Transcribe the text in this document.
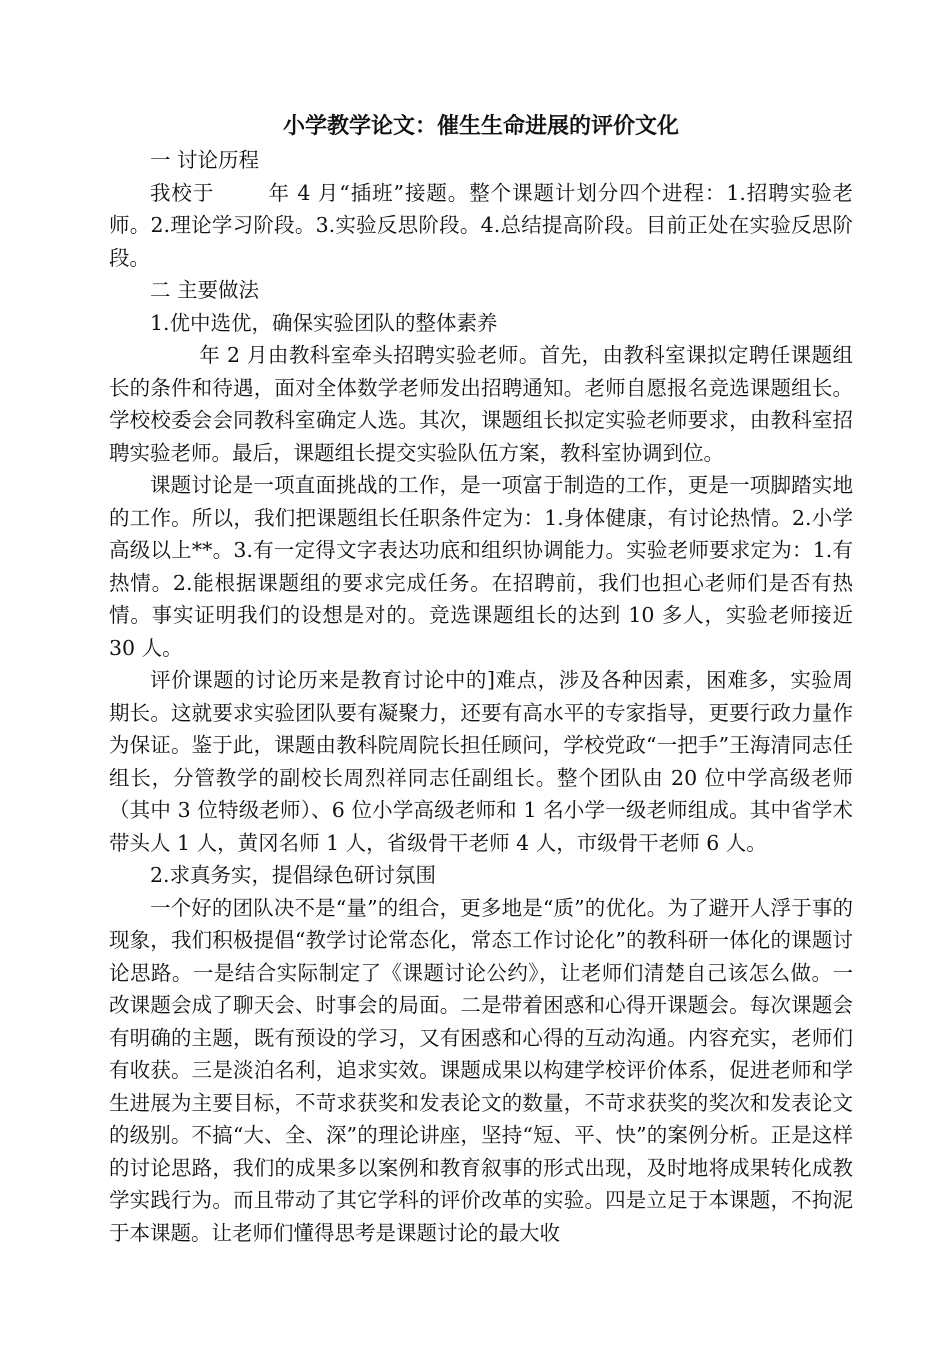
小学教学论文：催生生命进展的评价文化

一 讨论历程

我校于	年 4 月“插班”接题。整个课题计划分四个进程：1.招聘实验老师。2.理论学习阶段。3.实验反思阶段。4.总结提高阶段。目前正处在实验反思阶段。

二 主要做法

1.优中选优，确保实验团队的整体素养

年 2 月由教科室牵头招聘实验老师。首先，由教科室课拟定聘任课题组长的条件和待遇，面对全体数学老师发出招聘通知。老师自愿报名竞选课题组长。学校校委会会同教科室确定人选。其次，课题组长拟定实验老师要求，由教科室招聘实验老师。最后，课题组长提交实验队伍方案，教科室协调到位。

课题讨论是一项直面挑战的工作，是一项富于制造的工作，更是一项脚踏实地的工作。所以，我们把课题组长任职条件定为：1.身体健康，有讨论热情。2.小学高级以上**。3.有一定得文字表达功底和组织协调能力。实验老师要求定为：1.有热情。2.能根据课题组的要求完成任务。在招聘前，我们也担心老师们是否有热情。事实证明我们的设想是对的。竞选课题组长的达到 10 多人，实验老师接近 30 人。

评价课题的讨论历来是教育讨论中的]难点，涉及各种因素，困难多，实验周期长。这就要求实验团队要有凝聚力，还要有高水平的专家指导，更要行政力量作为保证。鉴于此，课题由教科院周院长担任顾问，学校党政“一把手”王海清同志任组长，分管教学的副校长周烈祥同志任副组长。整个团队由 20 位中学高级老师（其中 3 位特级老师）、6 位小学高级老师和 1 名小学一级老师组成。其中省学术带头人 1 人，黄冈名师 1 人，省级骨干老师 4 人，市级骨干老师 6 人。

2.求真务实，提倡绿色研讨氛围

一个好的团队决不是“量”的组合，更多地是“质”的优化。为了避开人浮于事的现象，我们积极提倡“教学讨论常态化，常态工作讨论化”的教科研一体化的课题讨论思路。一是结合实际制定了《课题讨论公约》，让老师们清楚自己该怎么做。一改课题会成了聊天会、时事会的局面。二是带着困惑和心得开课题会。每次课题会有明确的主题，既有预设的学习，又有困惑和心得的互动沟通。内容充实，老师们有收获。三是淡泊名利，追求实效。课题成果以构建学校评价体系，促进老师和学生进展为主要目标，不苛求获奖和发表论文的数量，不苛求获奖的奖次和发表论文的级别。不搞“大、全、深”的理论讲座，坚持“短、平、快”的案例分析。正是这样的讨论思路，我们的成果多以案例和教育叙事的形式出现，及时地将成果转化成教学实践行为。而且带动了其它学科的评价改革的实验。四是立足于本课题，不拘泥于本课题。让老师们懂得思考是课题讨论的最大收
